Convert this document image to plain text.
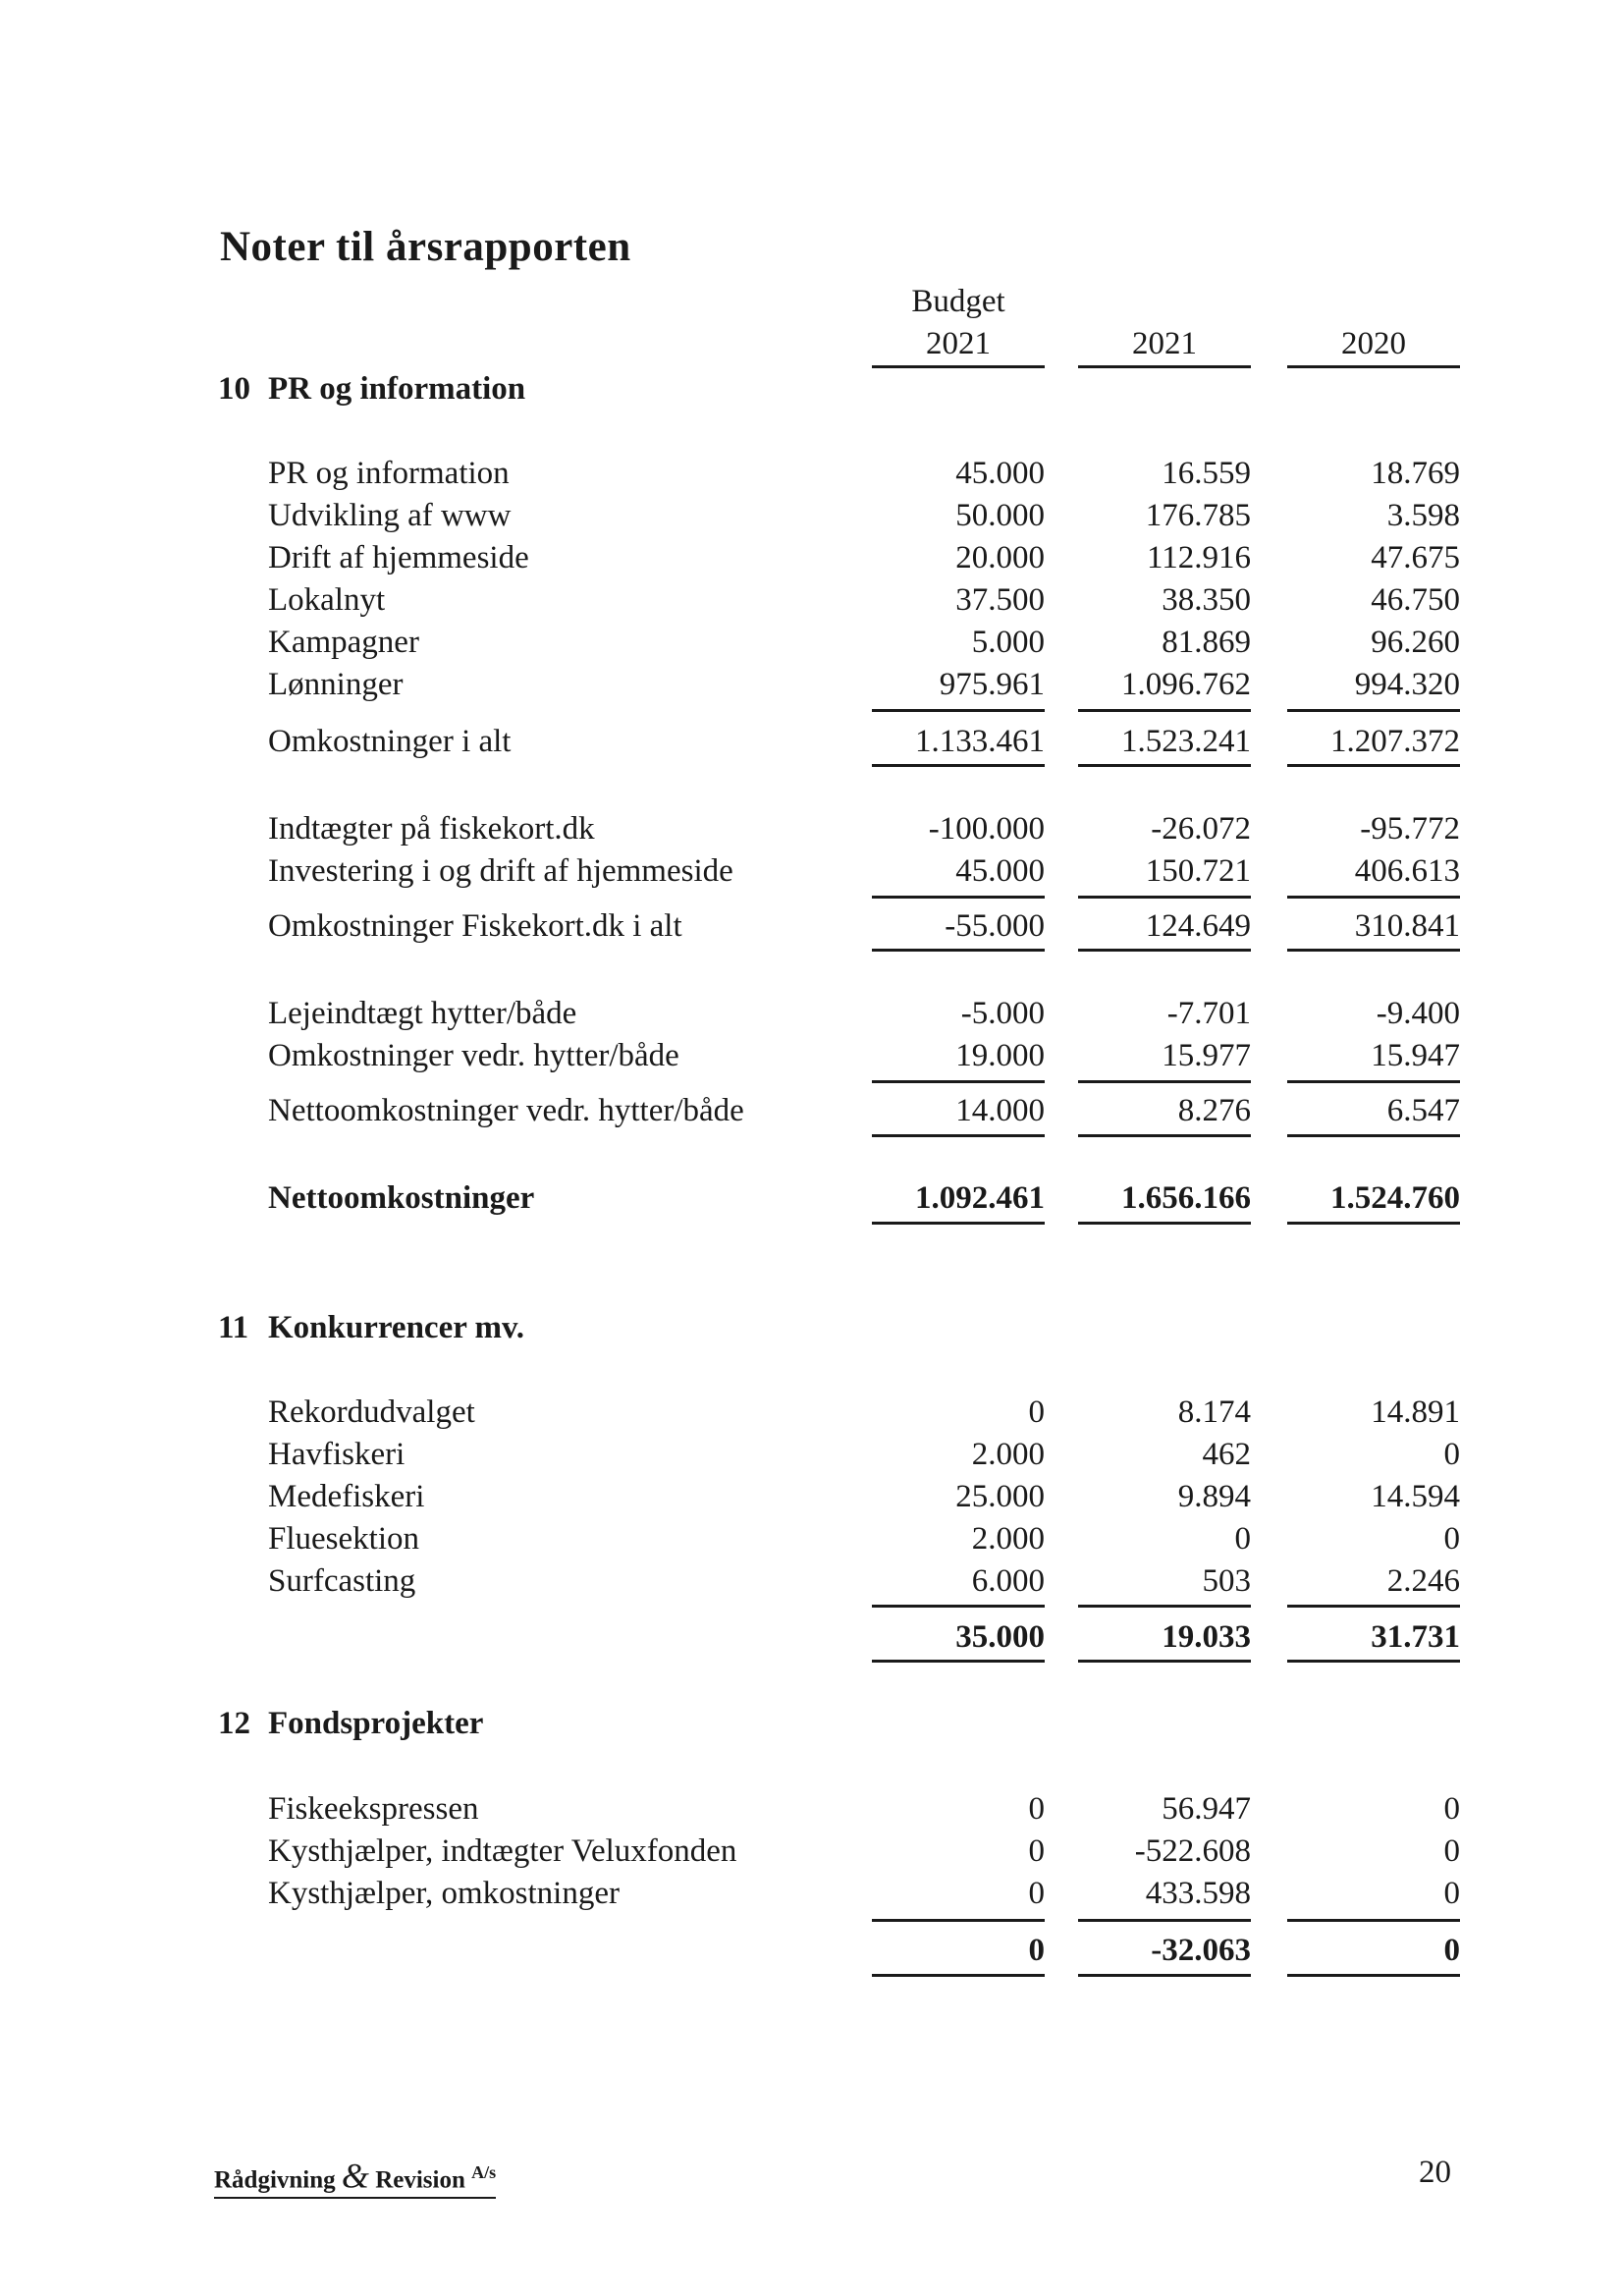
Noter til årsrapporten
Budget
2021	2021	2020
10 PR og information
PR og information	45.000	16.559	18.769
Udvikling af www	50.000	176.785	3.598
Drift af hjemmeside	20.000	112.916	47.675
Lokalnyt	37.500	38.350	46.750
Kampagner	5.000	81.869	96.260
Lønninger	975.961	1.096.762	994.320
Omkostninger i alt	1.133.461	1.523.241	1.207.372
Indtægter på fiskekort.dk	-100.000	-26.072	-95.772
Investering i og drift af hjemmeside	45.000	150.721	406.613
Omkostninger Fiskekort.dk i alt	-55.000	124.649	310.841
Lejeindtægt hytter/både	-5.000	-7.701	-9.400
Omkostninger vedr. hytter/både	19.000	15.977	15.947
Nettoomkostninger vedr. hytter/både	14.000	8.276	6.547
Nettoomkostninger	1.092.461	1.656.166	1.524.760
11 Konkurrencer mv.
Rekordudvalget	0	8.174	14.891
Havfiskeri	2.000	462	0
Medefiskeri	25.000	9.894	14.594
Fluesektion	2.000	0	0
Surfcasting	6.000	503	2.246
35.000	19.033	31.731
12 Fondsprojekter
Fiskeekspressen	0	56.947	0
Kysthjælper, indtægter Veluxfonden	0	-522.608	0
Kysthjælper, omkostninger	0	433.598	0
0	-32.063	0
Rådgivning & Revision $^{A/s}$	20
